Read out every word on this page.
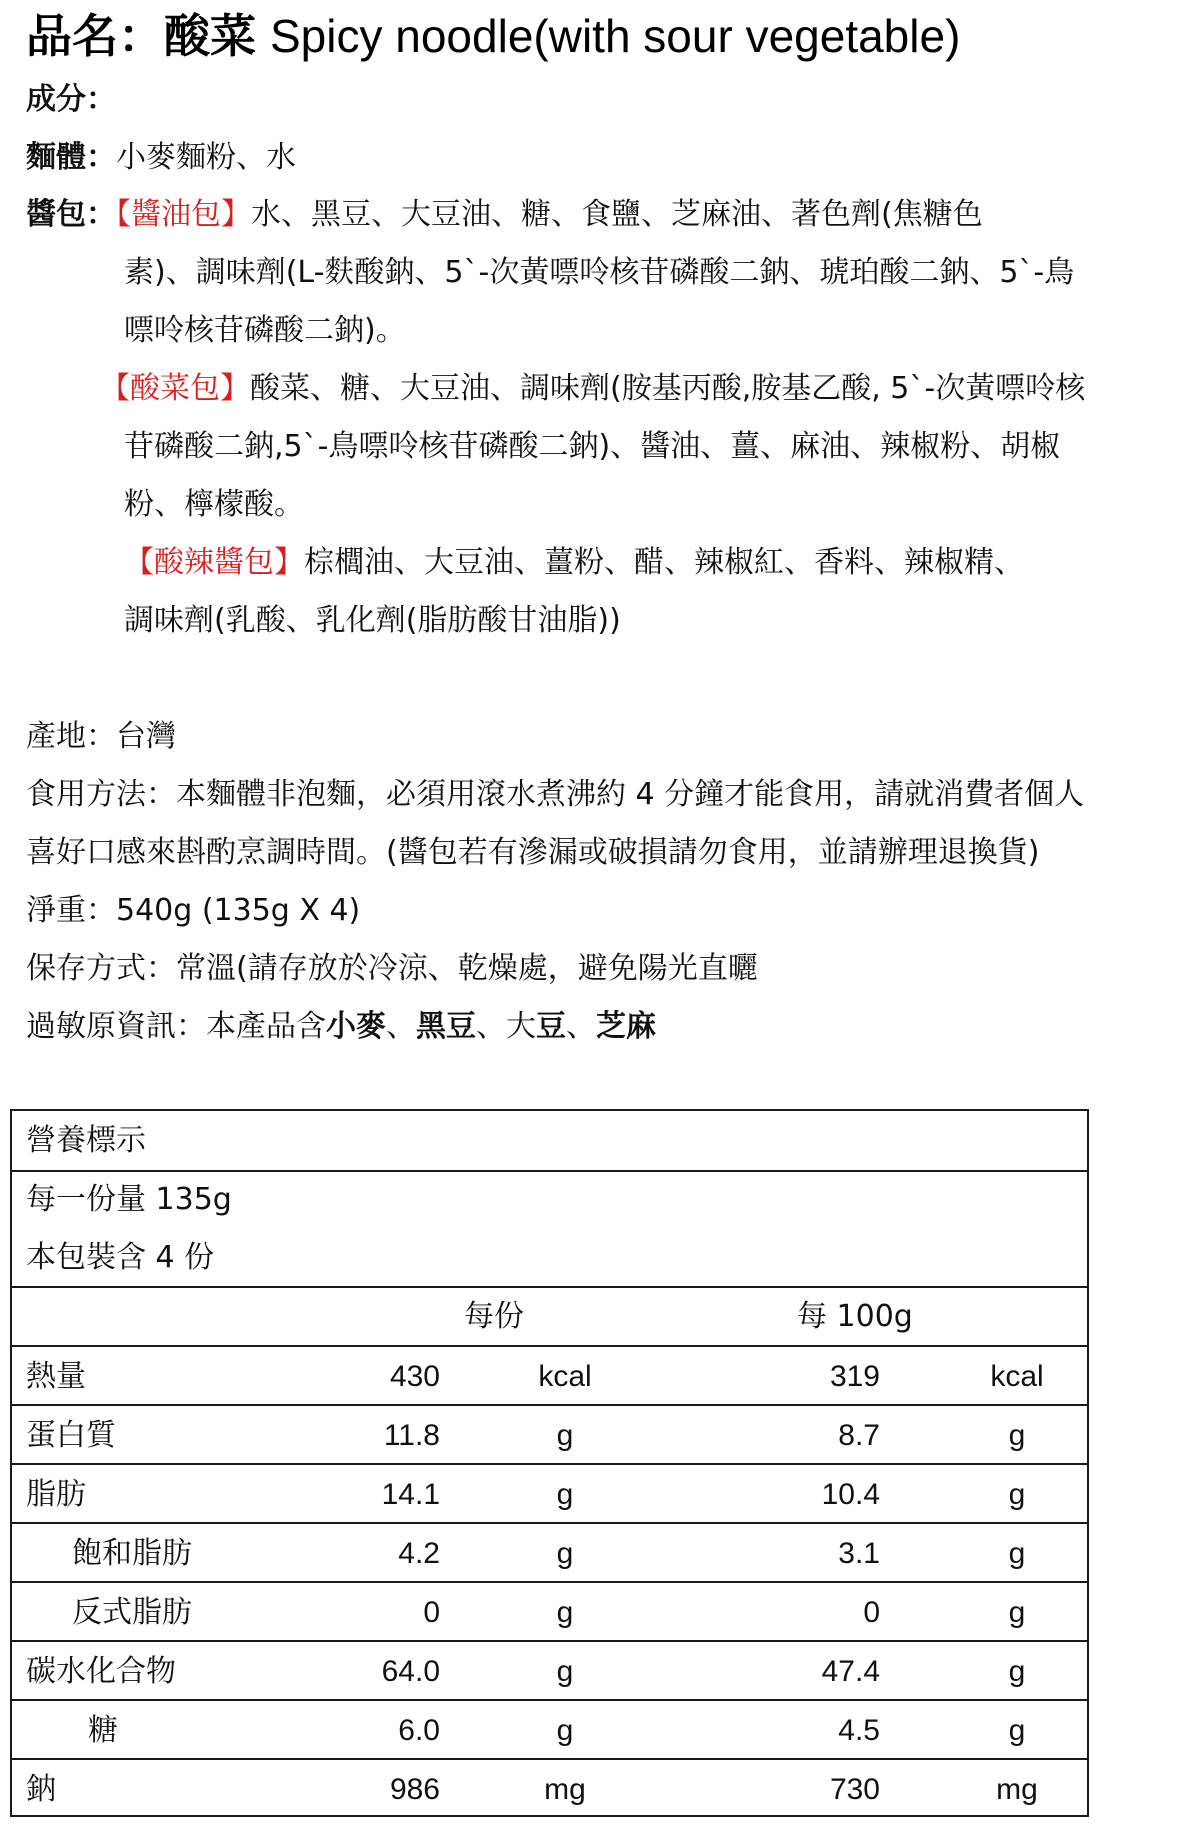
品名：酸菜 Spicy noodle(with sour vegetable)
成分：
麵體：小麥麵粉、水
醬包：【醬油包】水、黑豆、大豆油、糖、食鹽、芝麻油、著色劑(焦糖色
素)、調味劑(L-麩酸鈉、5`-次黃嘌呤核苷磷酸二鈉、琥珀酸二鈉、5`-鳥
嘌呤核苷磷酸二鈉)。
【酸菜包】酸菜、糖、大豆油、調味劑(胺基丙酸,胺基乙酸, 5`-次黃嘌呤核
苷磷酸二鈉,5`-鳥嘌呤核苷磷酸二鈉)、醬油、薑、麻油、辣椒粉、胡椒
粉、檸檬酸。
【酸辣醬包】棕櫚油、大豆油、薑粉、醋、辣椒紅、香料、辣椒精、
調味劑(乳酸、乳化劑(脂肪酸甘油脂))
產地：台灣
食用方法：本麵體非泡麵，必須用滾水煮沸約 4 分鐘才能食用，請就消費者個人
喜好口感來斟酌烹調時間。(醬包若有滲漏或破損請勿食用，並請辦理退換貨)
淨重：540g (135g X 4)
保存方式：常溫(請存放於冷涼、乾燥處，避免陽光直曬
過敏原資訊：本產品含小麥、黑豆、大豆、芝麻
營養標示
每一份量 135g
本包裝含 4 份
每份	每 100g
熱量	430	kcal	319	kcal
蛋白質	11.8	g	8.7	g
脂肪	14.1	g	10.4	g
飽和脂肪	4.2	g	3.1	g
反式脂肪	0	g	0	g
碳水化合物	64.0	g	47.4	g
糖	6.0	g	4.5	g
鈉	986	mg	730	mg
